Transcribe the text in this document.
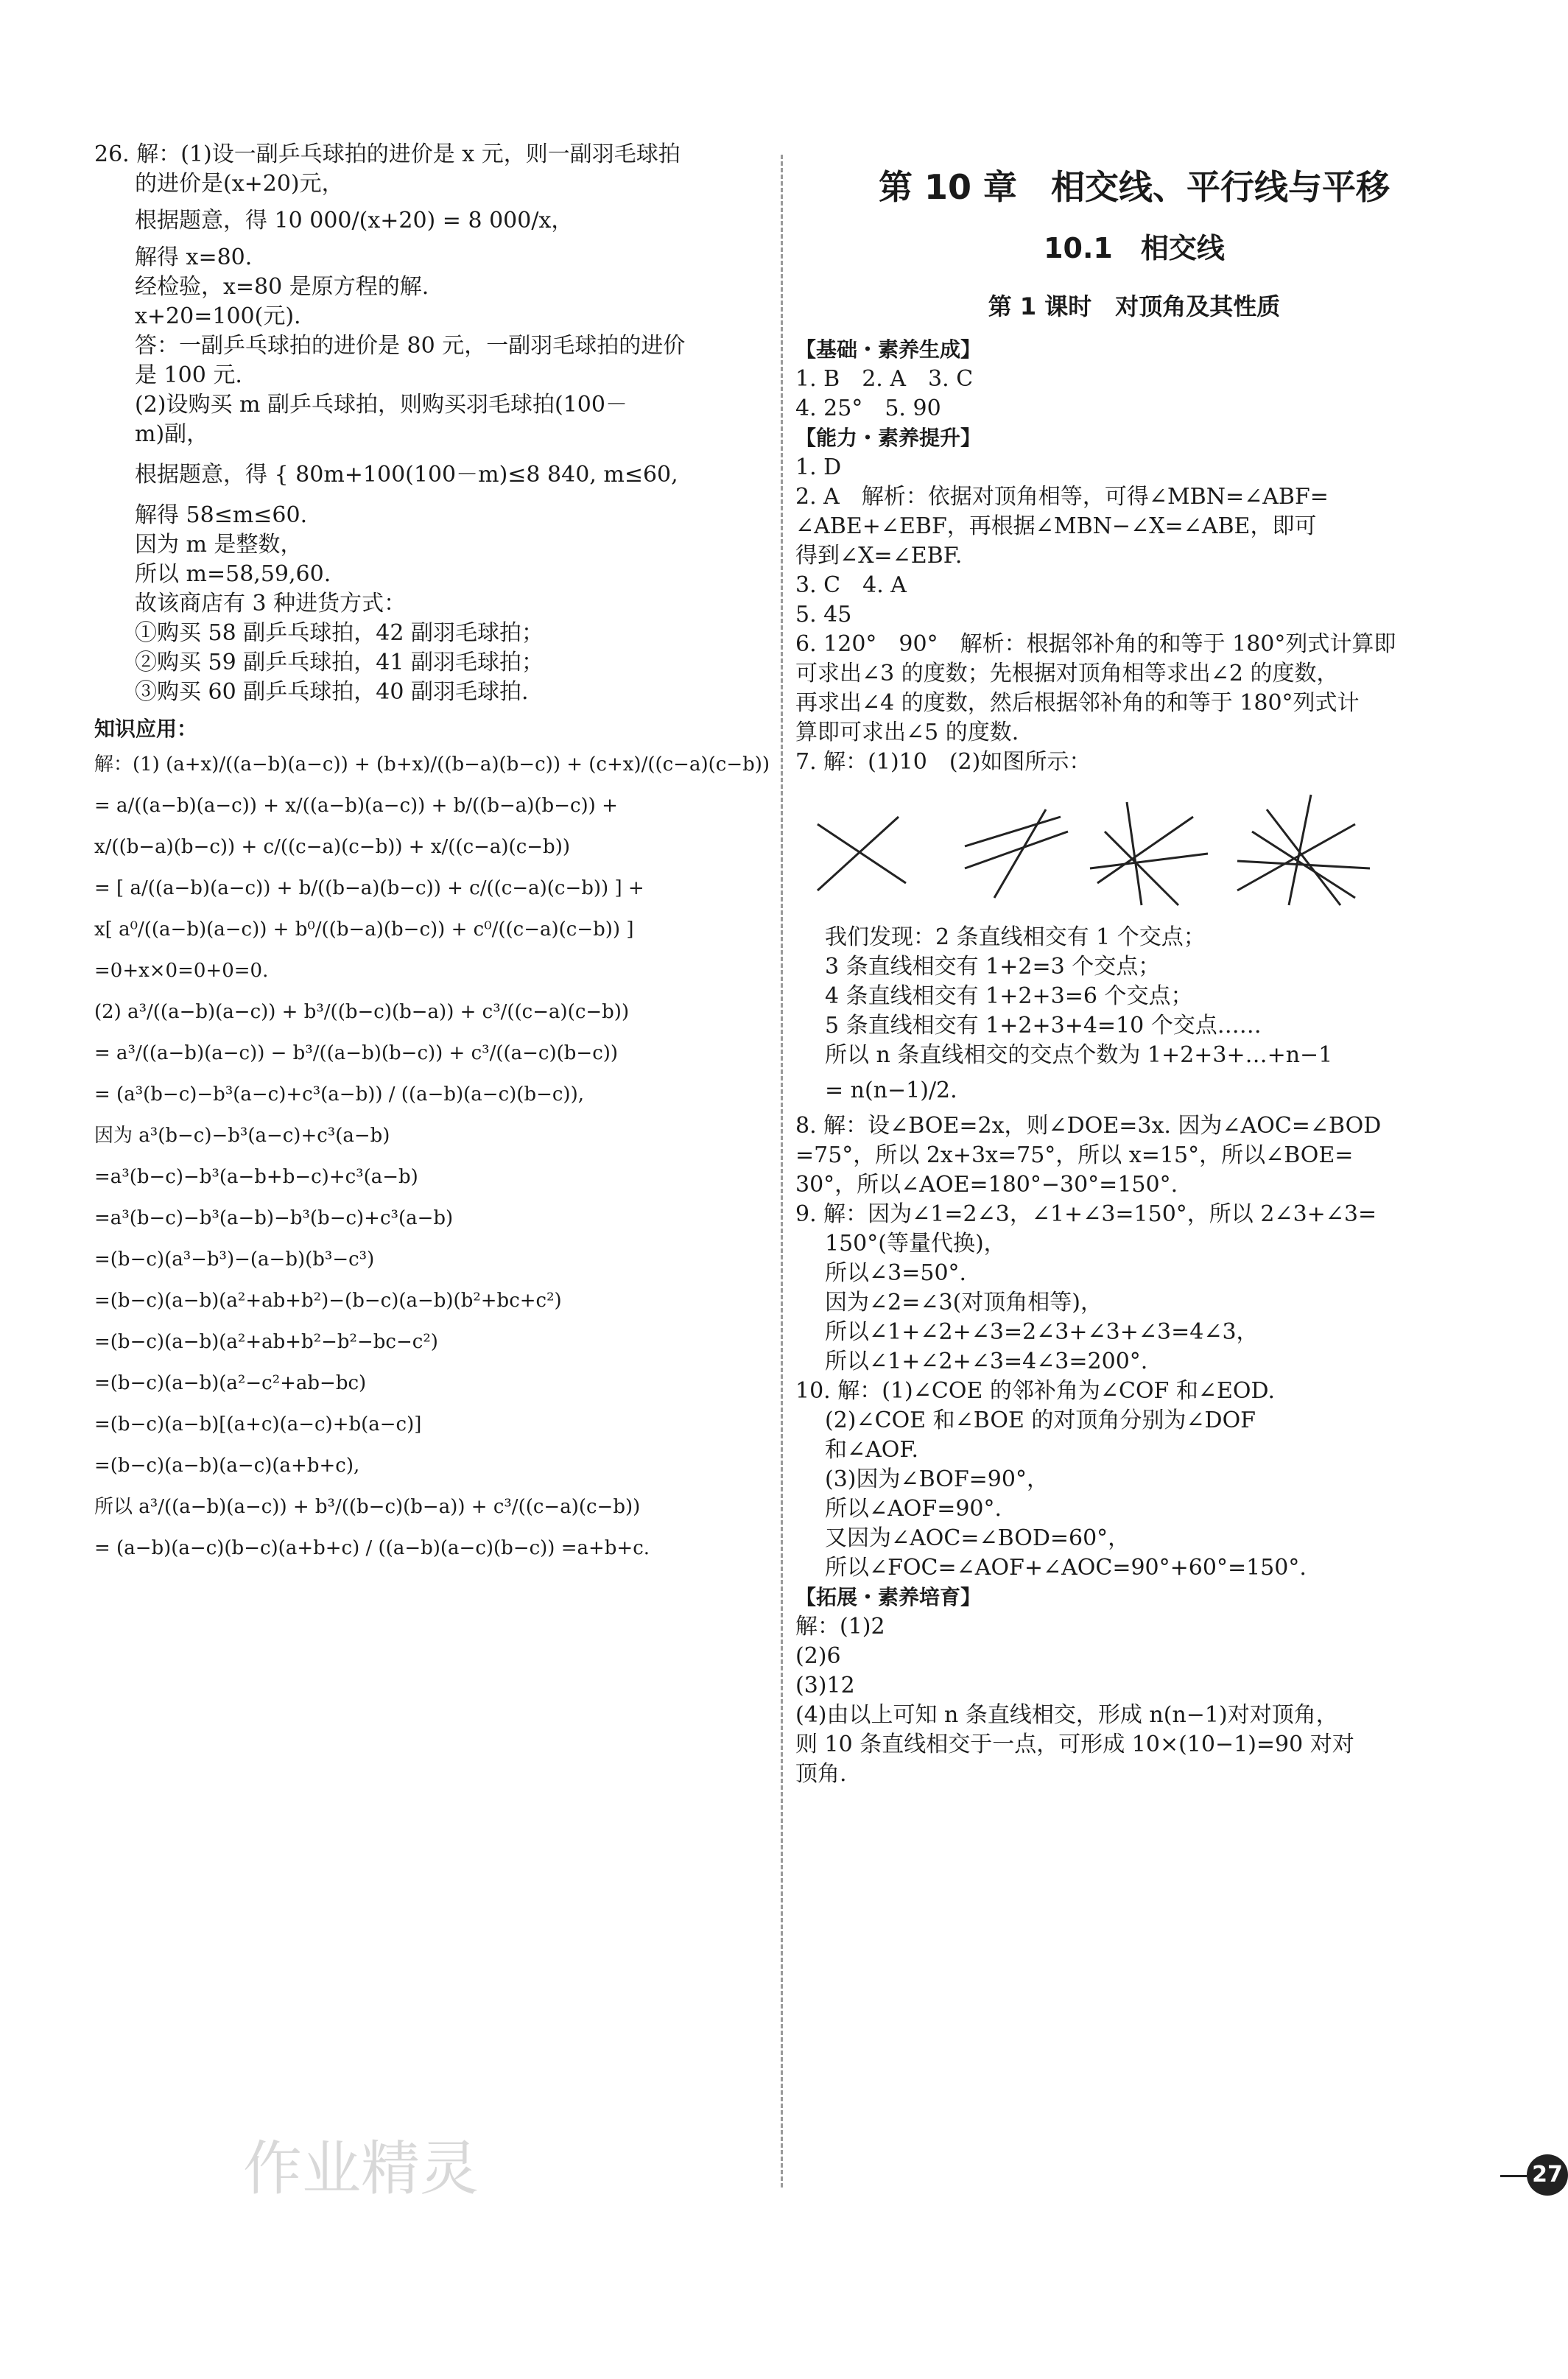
26. 解：(1)设一副乒乓球拍的进价是 x 元，则一副羽毛球拍
的进价是(x+20)元，
根据题意，得 10 000/(x+20) = 8 000/x，
解得 x=80.
经检验，x=80 是原方程的解.
x+20=100(元).
答：一副乒乓球拍的进价是 80 元，一副羽毛球拍的进价
是 100 元.
(2)设购买 m 副乒乓球拍，则购买羽毛球拍(100－
m)副，
根据题意，得 { 80m+100(100－m)≤8 840, m≤60,
解得 58≤m≤60.
因为 m 是整数，
所以 m=58,59,60.
故该商店有 3 种进货方式：
①购买 58 副乒乓球拍，42 副羽毛球拍；
②购买 59 副乒乓球拍，41 副羽毛球拍；
③购买 60 副乒乓球拍，40 副羽毛球拍.
知识应用：
解：(1) (a+x)/((a−b)(a−c)) + (b+x)/((b−a)(b−c)) + (c+x)/((c−a)(c−b))
= a/((a−b)(a−c)) + x/((a−b)(a−c)) + b/((b−a)(b−c)) +
x/((b−a)(b−c)) + c/((c−a)(c−b)) + x/((c−a)(c−b))
= [ a/((a−b)(a−c)) + b/((b−a)(b−c)) + c/((c−a)(c−b)) ] +
x[ a⁰/((a−b)(a−c)) + b⁰/((b−a)(b−c)) + c⁰/((c−a)(c−b)) ]
=0+x×0=0+0=0.
(2) a³/((a−b)(a−c)) + b³/((b−c)(b−a)) + c³/((c−a)(c−b))
= a³/((a−b)(a−c)) − b³/((a−b)(b−c)) + c³/((a−c)(b−c))
= (a³(b−c)−b³(a−c)+c³(a−b)) / ((a−b)(a−c)(b−c)),
因为 a³(b−c)−b³(a−c)+c³(a−b)
=a³(b−c)−b³(a−b+b−c)+c³(a−b)
=a³(b−c)−b³(a−b)−b³(b−c)+c³(a−b)
=(b−c)(a³−b³)−(a−b)(b³−c³)
=(b−c)(a−b)(a²+ab+b²)−(b−c)(a−b)(b²+bc+c²)
=(b−c)(a−b)(a²+ab+b²−b²−bc−c²)
=(b−c)(a−b)(a²−c²+ab−bc)
=(b−c)(a−b)[(a+c)(a−c)+b(a−c)]
=(b−c)(a−b)(a−c)(a+b+c),
所以 a³/((a−b)(a−c)) + b³/((b−c)(b−a)) + c³/((c−a)(c−b))
= (a−b)(a−c)(b−c)(a+b+c) / ((a−b)(a−c)(b−c)) =a+b+c.
第 10 章　相交线、平行线与平移
10.1　相交线
第 1 课时　对顶角及其性质
【基础・素养生成】
1. B　2. A　3. C
4. 25°　5. 90
【能力・素养提升】
1. D
2. A　解析：依据对顶角相等，可得∠MBN=∠ABF=
∠ABE+∠EBF，再根据∠MBN−∠X=∠ABE，即可
得到∠X=∠EBF.
3. C　4. A
5. 45
6. 120°　90°　解析：根据邻补角的和等于 180°列式计算即
可求出∠3 的度数；先根据对顶角相等求出∠2 的度数，
再求出∠4 的度数，然后根据邻补角的和等于 180°列式计
算即可求出∠5 的度数.
7. 解：(1)10　(2)如图所示：
我们发现：2 条直线相交有 1 个交点；
3 条直线相交有 1+2=3 个交点；
4 条直线相交有 1+2+3=6 个交点；
5 条直线相交有 1+2+3+4=10 个交点……
所以 n 条直线相交的交点个数为 1+2+3+…+n−1
= n(n−1)/2.
8. 解：设∠BOE=2x，则∠DOE=3x. 因为∠AOC=∠BOD
=75°，所以 2x+3x=75°，所以 x=15°，所以∠BOE=
30°，所以∠AOE=180°−30°=150°.
9. 解：因为∠1=2∠3，∠1+∠3=150°，所以 2∠3+∠3=
150°(等量代换)，
所以∠3=50°.
因为∠2=∠3(对顶角相等)，
所以∠1+∠2+∠3=2∠3+∠3+∠3=4∠3，
所以∠1+∠2+∠3=4∠3=200°.
10. 解：(1)∠COE 的邻补角为∠COF 和∠EOD.
(2)∠COE 和∠BOE 的对顶角分别为∠DOF
和∠AOF.
(3)因为∠BOF=90°，
所以∠AOF=90°.
又因为∠AOC=∠BOD=60°，
所以∠FOC=∠AOF+∠AOC=90°+60°=150°.
【拓展・素养培育】
解：(1)2
(2)6
(3)12
(4)由以上可知 n 条直线相交，形成 n(n−1)对对顶角，
则 10 条直线相交于一点，可形成 10×(10−1)=90 对对
顶角.
27
作业精灵
